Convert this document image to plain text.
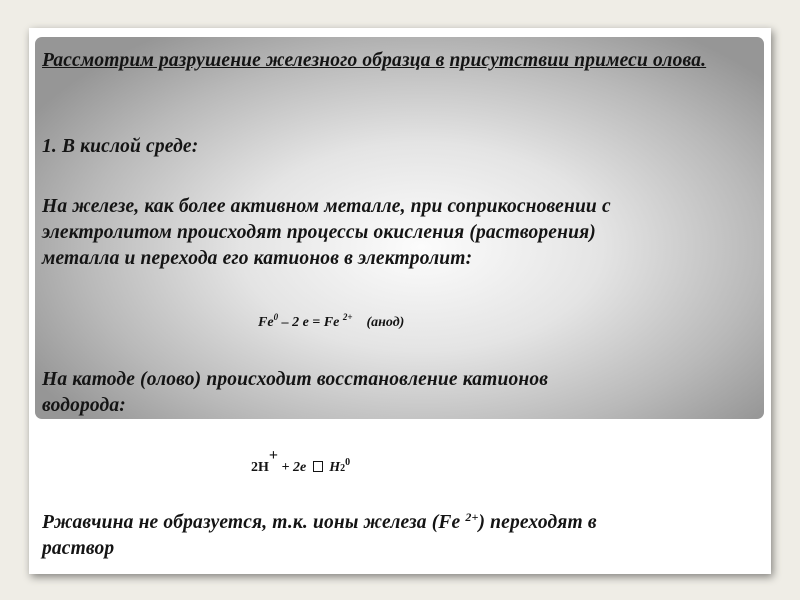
Рассмотрим разрушение железного образца в присутствии примеси олова.
1. В кислой среде:
На железе, как более активном металле, при соприкосновении с
электролитом происходят процессы окисления (растворения)
металла и перехода его катионов в электролит:
Fe$^0$ – 2 е = Fe $^{2+}$ (анод)
На катоде (олово) происходит восстановление катионов
водорода:
2H+ + 2e  $H2^0$
Ржавчина не образуется, т.к. ионы железа (Fe $^{2+}$) переходят в
раствор
